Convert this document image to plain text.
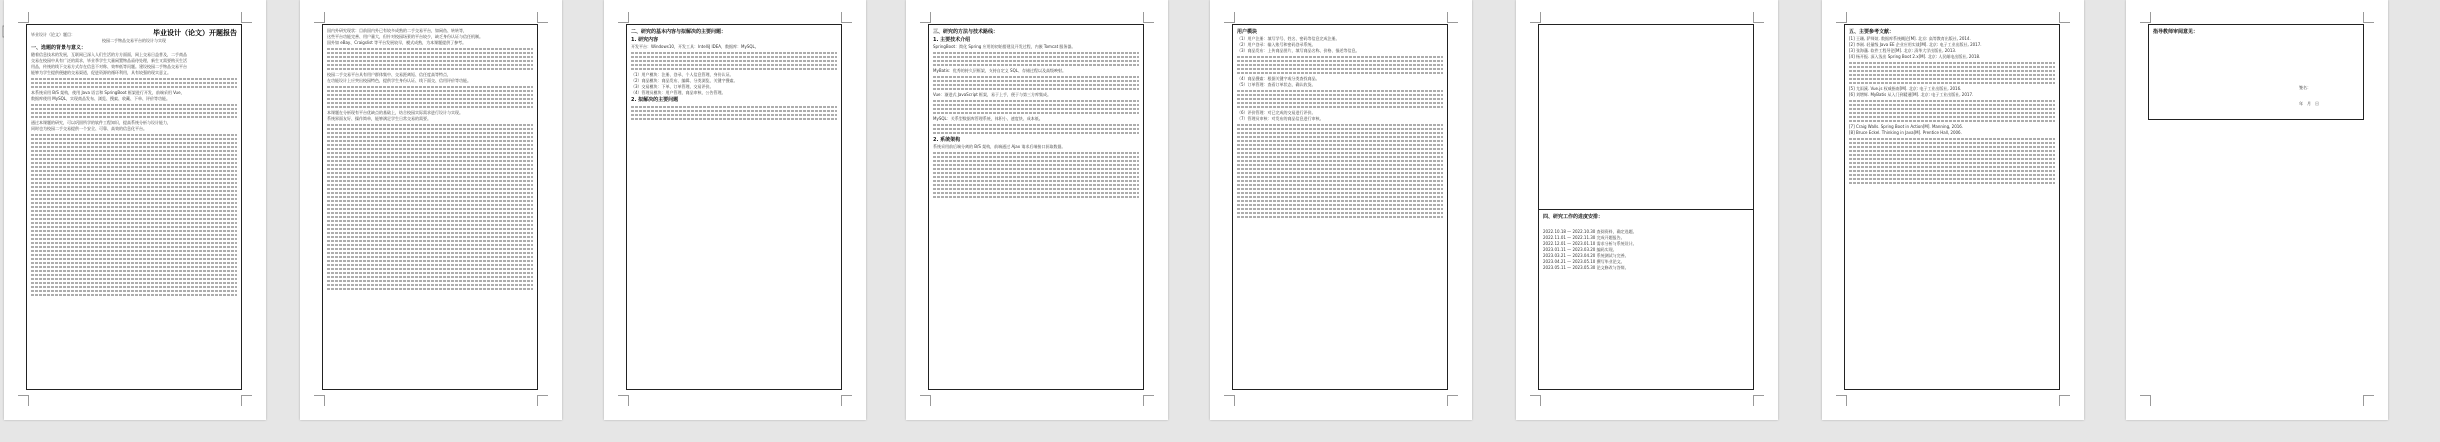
毕业设计（论文）题目：	毕业设计（论文）开题报告
校园二手物品交易平台的设计与实现
一、选题的背景与意义：
随着信息技术的发展，互联网已深入人们生活的方方面面，网上交易日益普及，二手商品
交易在校园中具有广泛的需求，毕业季学生大量闲置物品亟待处理，新生又需要购买生活
用品，传统的线下交易方式存在信息不对称、效率低等问题。建设校园二手物品交易平台
能够为学生提供便捷的交易渠道，促进资源的循环利用，具有较强的现实意义。
本系统采用 B/S 架构，使用 Java 语言和 SpringBoot 框架进行开发，前端采用 Vue，
数据库使用 MySQL，实现商品发布、浏览、搜索、收藏、下单、评价等功能。
通过本课题的研究，可以巩固所学的软件工程知识，提高系统分析与设计能力，
同时也为校园二手交易提供一个安全、可靠、高效的信息化平台。
国内外研究现状：目前国内外已有较多成熟的二手交易平台，如闲鱼、转转等，
这些平台功能完善、用户量大，但针对校园场景的平台较少，缺乏身份认证与信任机制。
国外如 eBay、Craigslist 等平台发展较早，模式成熟，为本课题提供了参考。
校园二手交易平台具有用户群体集中、交易距离短、信任度高等特点，
在功能设计上应突出校园特色，提供学生身份认证、线下面交、信用评价等功能。
本课题在分析现有平台优缺点的基础上，结合校园实际需求进行设计与实现。
系统界面友好、操作简单，能够满足学生日常交易的需要。
二、研究的基本内容与拟解决的主要问题：
1. 研究内容
开发平台：Windows10，开发工具：IntelliJ IDEA，数据库：MySQL。
（1）用户模块：注册、登录、个人信息管理、身份认证。
（2）商品模块：商品发布、编辑、分类浏览、关键字搜索。
（3）交易模块：下单、订单管理、交易评价。
（4）管理员模块：用户管理、商品审核、公告管理。
2. 拟解决的主要问题
三、研究的方法与技术路线：
1. 主要技术介绍
SpringBoot：简化 Spring 应用的初始搭建及开发过程，内嵌 Tomcat 服务器。
MyBatis：优秀的持久层框架，支持自定义 SQL、存储过程以及高级映射。
Vue：渐进式 JavaScript 框架，易于上手，便于与第三方库集成。
MySQL：关系型数据库管理系统，体积小、速度快、成本低。
2. 系统架构
系统采用前后端分离的 B/S 架构，前端通过 Ajax 请求后端接口获取数据。
用户模块
（1）用户注册：填写学号、姓名、密码等信息完成注册。
（2）用户登录：输入账号和密码登录系统。
（3）商品发布：上传商品图片，填写商品名称、价格、描述等信息。
（4）商品搜索：根据关键字或分类查找商品。
（5）订单管理：查看订单状态，确认收货。
（6）评价管理：对已完成的交易进行评价。
（7）管理员审核：对发布的商品信息进行审核。
四、研究工作的进度安排：
2022.10.18 — 2022.10.30 查阅资料，确定选题。
2022.11.01 — 2022.11.30 完成开题报告。
2022.12.01 — 2023.01.10 需求分析与系统设计。
2023.01.11 — 2023.03.20 编码实现。
2023.03.21 — 2023.04.20 系统测试与完善。
2023.04.21 — 2023.05.10 撰写毕业论文。
2023.05.11 — 2023.05.30 论文修改与答辩。
五、主要参考文献：
[1] 王珊, 萨师煊. 数据库系统概论[M]. 北京: 高等教育出版社, 2014.
[2] 李刚. 轻量级 Java EE 企业应用实战[M]. 北京: 电子工业出版社, 2017.
[3] 张海藩. 软件工程导论[M]. 北京: 清华大学出版社, 2013.
[4] 杨开振. 深入浅出 Spring Boot 2.x[M]. 北京: 人民邮电出版社, 2018.
[5] 尤雨溪. Vue.js 权威指南[M]. 北京: 电子工业出版社, 2016.
[6] 刘增辉. MyBatis 从入门到精通[M]. 北京: 电子工业出版社, 2017.
[7] Craig Walls. Spring Boot in Action[M]. Manning, 2016.
[8] Bruce Eckel. Thinking in Java[M]. Prentice Hall, 2006.
指导教师审阅意见：
签名：
年　月　日
